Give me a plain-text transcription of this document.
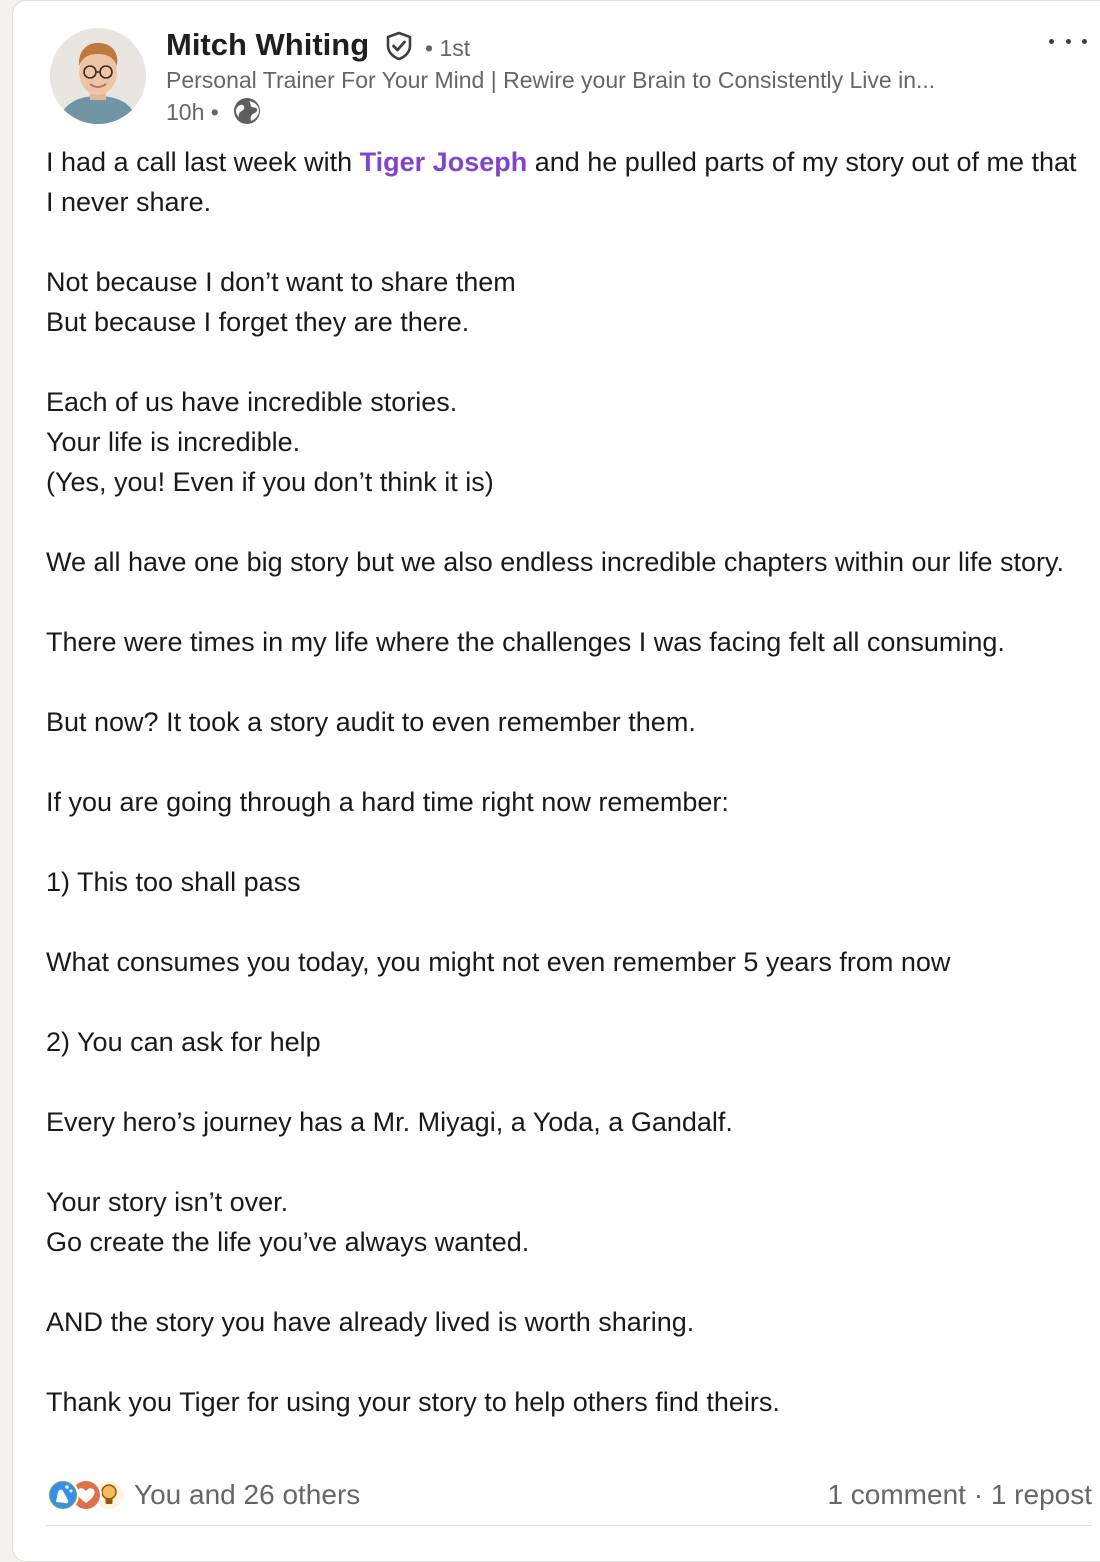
Mitch Whiting • 1st
Personal Trainer For Your Mind | Rewire your Brain to Consistently Live in...
10h •

I had a call last week with Tiger Joseph and he pulled parts of my story out of me that I never share.

Not because I don’t want to share them
But because I forget they are there.

Each of us have incredible stories.
Your life is incredible.
(Yes, you! Even if you don’t think it is)

We all have one big story but we also endless incredible chapters within our life story.

There were times in my life where the challenges I was facing felt all consuming.

But now? It took a story audit to even remember them.

If you are going through a hard time right now remember:

1) This too shall pass

What consumes you today, you might not even remember 5 years from now

2) You can ask for help

Every hero’s journey has a Mr. Miyagi, a Yoda, a Gandalf.

Your story isn’t over.
Go create the life you’ve always wanted.

AND the story you have already lived is worth sharing.

Thank you Tiger for using your story to help others find theirs.

You and 26 others	1 comment · 1 repost
